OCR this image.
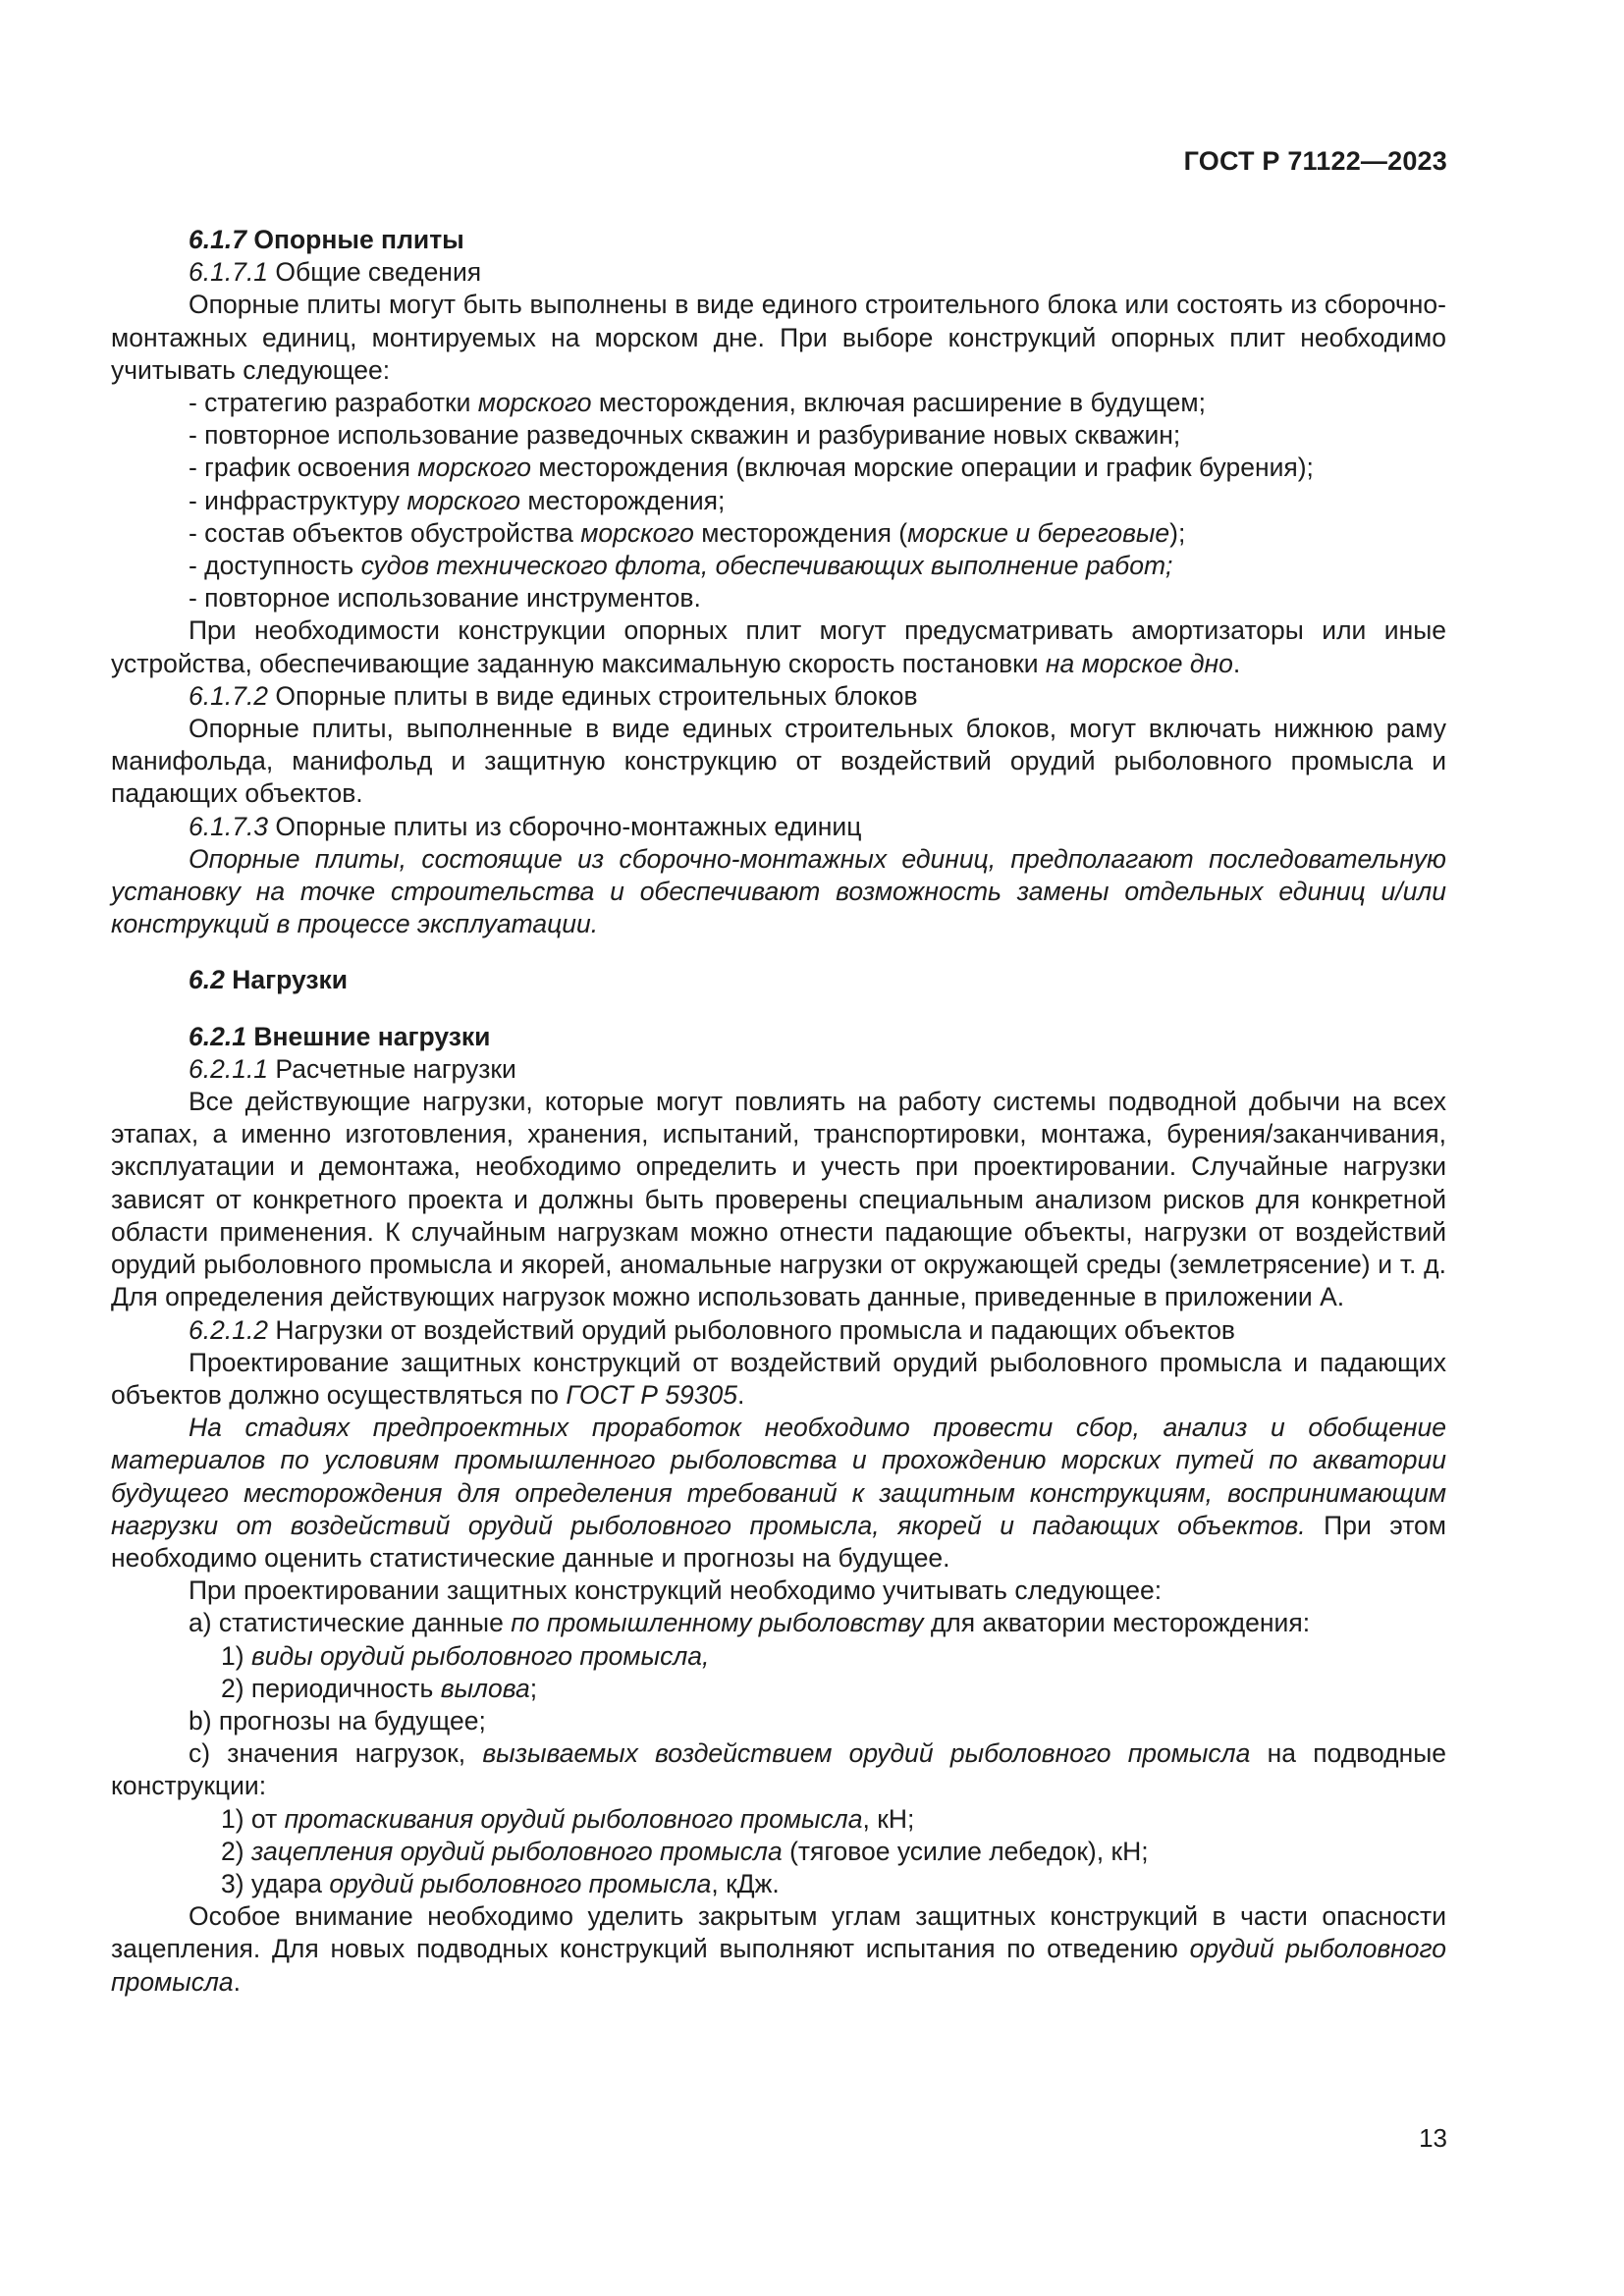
ГОСТ Р 71122—2023

6.1.7 Опорные плиты

6.1.7.1 Общие сведения

Опорные плиты могут быть выполнены в виде единого строительного блока или состоять из сборочно-монтажных единиц, монтируемых на морском дне. При выборе конструкций опорных плит необходимо учитывать следующее:

- стратегию разработки морского месторождения, включая расширение в будущем;

- повторное использование разведочных скважин и разбуривание новых скважин;

- график освоения морского месторождения (включая морские операции и график бурения);

- инфраструктуру морского месторождения;

- состав объектов обустройства морского месторождения (морские и береговые);

- доступность судов технического флота, обеспечивающих выполнение работ;

- повторное использование инструментов.

При необходимости конструкции опорных плит могут предусматривать амортизаторы или иные устройства, обеспечивающие заданную максимальную скорость постановки на морское дно.

6.1.7.2 Опорные плиты в виде единых строительных блоков

Опорные плиты, выполненные в виде единых строительных блоков, могут включать нижнюю раму манифольда, манифольд и защитную конструкцию от воздействий орудий рыболовного промысла и падающих объектов.

6.1.7.3 Опорные плиты из сборочно-монтажных единиц

Опорные плиты, состоящие из сборочно-монтажных единиц, предполагают последовательную установку на точке строительства и обеспечивают возможность замены отдельных единиц и/или конструкций в процессе эксплуатации.

6.2 Нагрузки

6.2.1 Внешние нагрузки

6.2.1.1 Расчетные нагрузки

Все действующие нагрузки, которые могут повлиять на работу системы подводной добычи на всех этапах, а именно изготовления, хранения, испытаний, транспортировки, монтажа, бурения/заканчивания, эксплуатации и демонтажа, необходимо определить и учесть при проектировании. Случайные нагрузки зависят от конкретного проекта и должны быть проверены специальным анализом рисков для конкретной области применения. К случайным нагрузкам можно отнести падающие объекты, нагрузки от воздействий орудий рыболовного промысла и якорей, аномальные нагрузки от окружающей среды (землетрясение) и т. д. Для определения действующих нагрузок можно использовать данные, приведенные в приложении А.

6.2.1.2 Нагрузки от воздействий орудий рыболовного промысла и падающих объектов

Проектирование защитных конструкций от воздействий орудий рыболовного промысла и падающих объектов должно осуществляться по ГОСТ Р 59305.

На стадиях предпроектных проработок необходимо провести сбор, анализ и обобщение материалов по условиям промышленного рыболовства и прохождению морских путей по акватории будущего месторождения для определения требований к защитным конструкциям, воспринимающим нагрузки от воздействий орудий рыболовного промысла, якорей и падающих объектов. При этом необходимо оценить статистические данные и прогнозы на будущее.

При проектировании защитных конструкций необходимо учитывать следующее:

a) статистические данные по промышленному рыболовству для акватории месторождения:

1) виды орудий рыболовного промысла,

2) периодичность вылова;

b) прогнозы на будущее;

c) значения нагрузок, вызываемых воздействием орудий рыболовного промысла на подводные конструкции:

1) от протаскивания орудий рыболовного промысла, кН;

2) зацепления орудий рыболовного промысла (тяговое усилие лебедок), кН;

3) удара орудий рыболовного промысла, кДж.

Особое внимание необходимо уделить закрытым углам защитных конструкций в части опасности зацепления. Для новых подводных конструкций выполняют испытания по отведению орудий рыболовного промысла.

13
